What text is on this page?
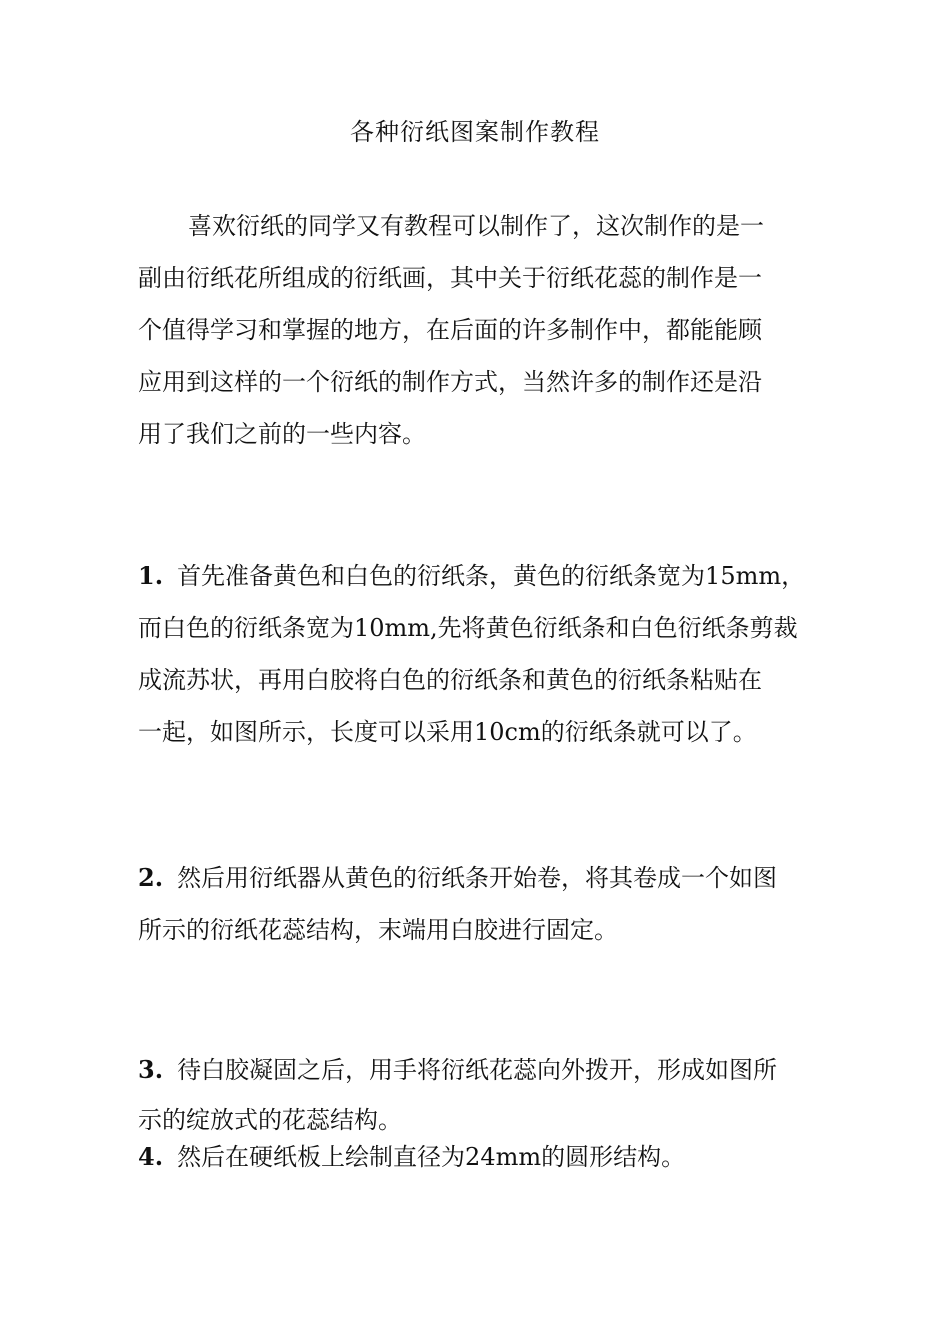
各种衍纸图案制作教程
喜欢衍纸的同学又有教程可以制作了，这次制作的是一
副由衍纸花所组成的衍纸画，其中关于衍纸花蕊的制作是一
个值得学习和掌握的地方，在后面的许多制作中，都能能顾
应用到这样的一个衍纸的制作方式，当然许多的制作还是沿
用了我们之前的一些内容。
1. 首先准备黄色和白色的衍纸条，黄色的衍纸条宽为15mm，
而白色的衍纸条宽为10mm,先将黄色衍纸条和白色衍纸条剪裁
成流苏状，再用白胶将白色的衍纸条和黄色的衍纸条粘贴在
一起，如图所示，长度可以采用10cm的衍纸条就可以了。
2. 然后用衍纸器从黄色的衍纸条开始卷，将其卷成一个如图
所示的衍纸花蕊结构，末端用白胶进行固定。
3. 待白胶凝固之后，用手将衍纸花蕊向外拨开，形成如图所
示的绽放式的花蕊结构。
4. 然后在硬纸板上绘制直径为24mm的圆形结构。
